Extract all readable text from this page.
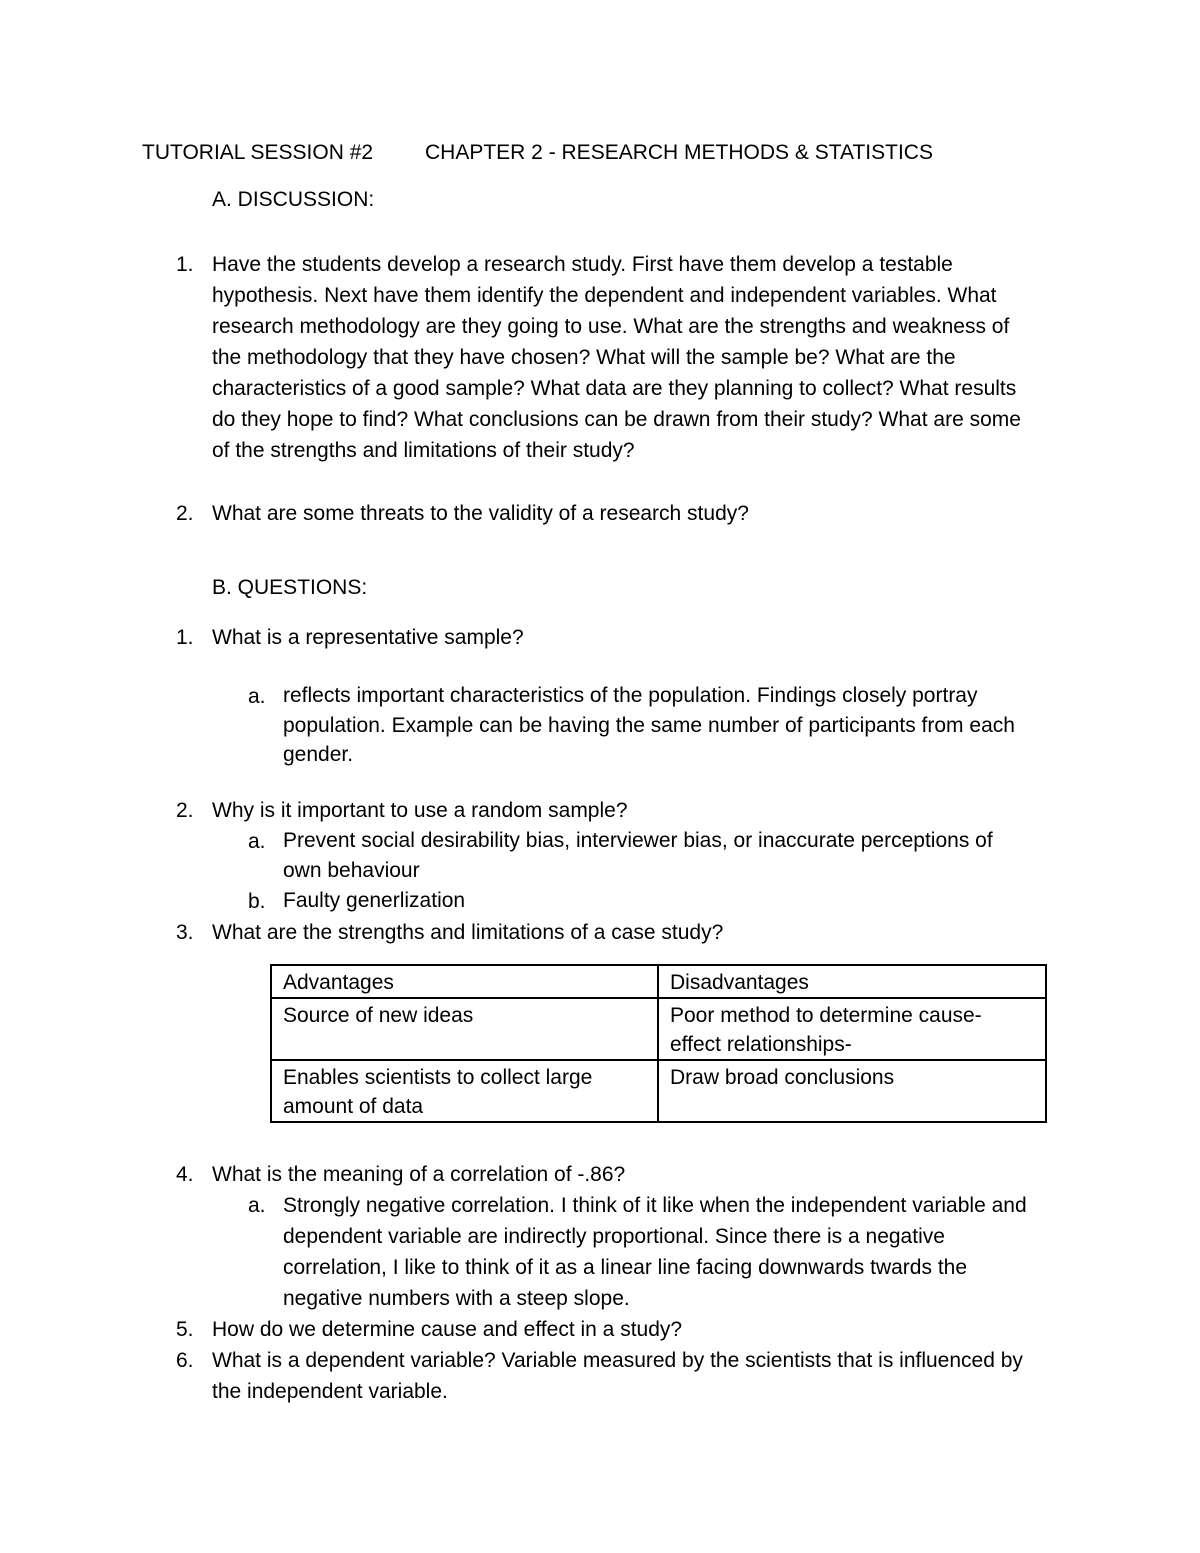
TUTORIAL SESSION #2 CHAPTER 2 - RESEARCH METHODS & STATISTICS
A. DISCUSSION:
1. Have the students develop a research study. First have them develop a testable
hypothesis. Next have them identify the dependent and independent variables. What
research methodology are they going to use. What are the strengths and weakness of
the methodology that they have chosen? What will the sample be? What are the
characteristics of a good sample? What data are they planning to collect? What results
do they hope to find? What conclusions can be drawn from their study? What are some
of the strengths and limitations of their study?
2. What are some threats to the validity of a research study?
B. QUESTIONS:
1. What is a representative sample?
a. reflects important characteristics of the population. Findings closely portray
population. Example can be having the same number of participants from each
gender.
2. Why is it important to use a random sample?
a. Prevent social desirability bias, interviewer bias, or inaccurate perceptions of
own behaviour
b. Faulty generlization
3. What are the strengths and limitations of a case study?
Advantages	Disadvantages

Source of new ideas	Poor method to determine cause-
effect relationships-

Enables scientists to collect large
amount of data	Draw broad conclusions
4. What is the meaning of a correlation of -.86?
a. Strongly negative correlation. I think of it like when the independent variable and
dependent variable are indirectly proportional. Since there is a negative
correlation, I like to think of it as a linear line facing downwards twards the
negative numbers with a steep slope.
5. How do we determine cause and effect in a study?
6. What is a dependent variable? Variable measured by the scientists that is influenced by
the independent variable.
